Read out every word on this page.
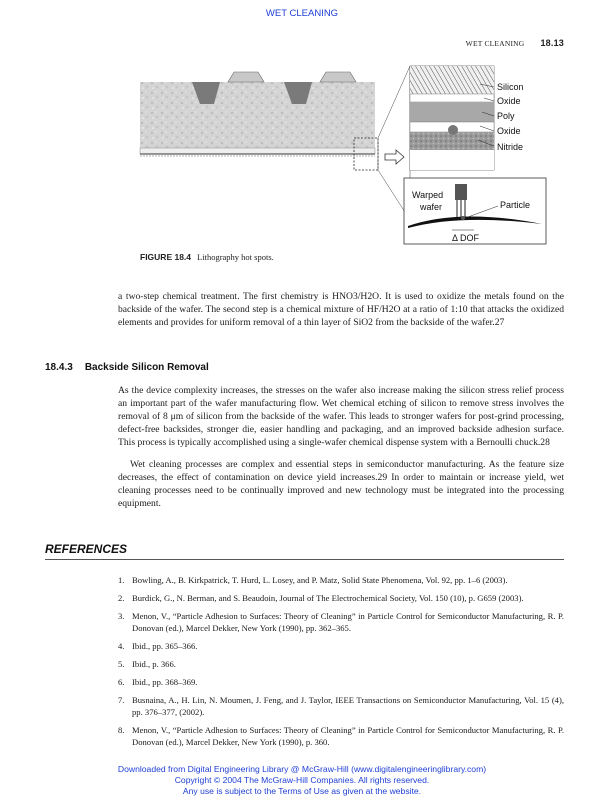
WET CLEANING
WET CLEANING 18.13
Silicon
Oxide
Poly
Oxide
Nitride
Warped
wafer	Particle
Δ DOF
FIGURE 18.4 Lithography hot spots.
a two-step chemical treatment. The first chemistry is HNO3/H2O. It is used to oxidize the metals found on the backside of the wafer. The second step is a chemical mixture of HF/H2O at a ratio of 1:10 that attacks the oxidized elements and provides for uniform removal of a thin layer of SiO2 from the backside of the wafer.27
18.4.3 Backside Silicon Removal
As the device complexity increases, the stresses on the wafer also increase making the silicon stress relief process an important part of the wafer manufacturing flow. Wet chemical etching of silicon to remove stress involves the removal of 8 μm of silicon from the backside of the wafer. This leads to stronger wafers for post-grind processing, defect-free backsides, stronger die, easier handling and packaging, and an improved backside adhesion surface. This process is typically accomplished using a single-wafer chemical dispense system with a Bernoulli chuck.28
Wet cleaning processes are complex and essential steps in semiconductor manufacturing. As the feature size decreases, the effect of contamination on device yield increases.29 In order to maintain or increase yield, wet cleaning processes need to be continually improved and new technology must be integrated into the processing equipment.
REFERENCES
1. Bowling, A., B. Kirkpatrick, T. Hurd, L. Losey, and P. Matz, Solid State Phenomena, Vol. 92, pp. 1–6 (2003).
2. Burdick, G., N. Berman, and S. Beaudoin, Journal of The Electrochemical Society, Vol. 150 (10), p. G659 (2003).
3. Menon, V., “Particle Adhesion to Surfaces: Theory of Cleaning” in Particle Control for Semiconductor Manufacturing, R. P. Donovan (ed.), Marcel Dekker, New York (1990), pp. 362–365.
4. Ibid., pp. 365–366.
5. Ibid., p. 366.
6. Ibid., pp. 368–369.
7. Busnaina, A., H. Lin, N. Moumen, J. Feng, and J. Taylor, IEEE Transactions on Semiconductor Manufacturing, Vol. 15 (4), pp. 376–377, (2002).
8. Menon, V., “Particle Adhesion to Surfaces: Theory of Cleaning” in Particle Control for Semiconductor Manufacturing, R. P. Donovan (ed.), Marcel Dekker, New York (1990), p. 360.
Downloaded from Digital Engineering Library @ McGraw-Hill (www.digitalengineeringlibrary.com)
Copyright © 2004 The McGraw-Hill Companies. All rights reserved.
Any use is subject to the Terms of Use as given at the website.
